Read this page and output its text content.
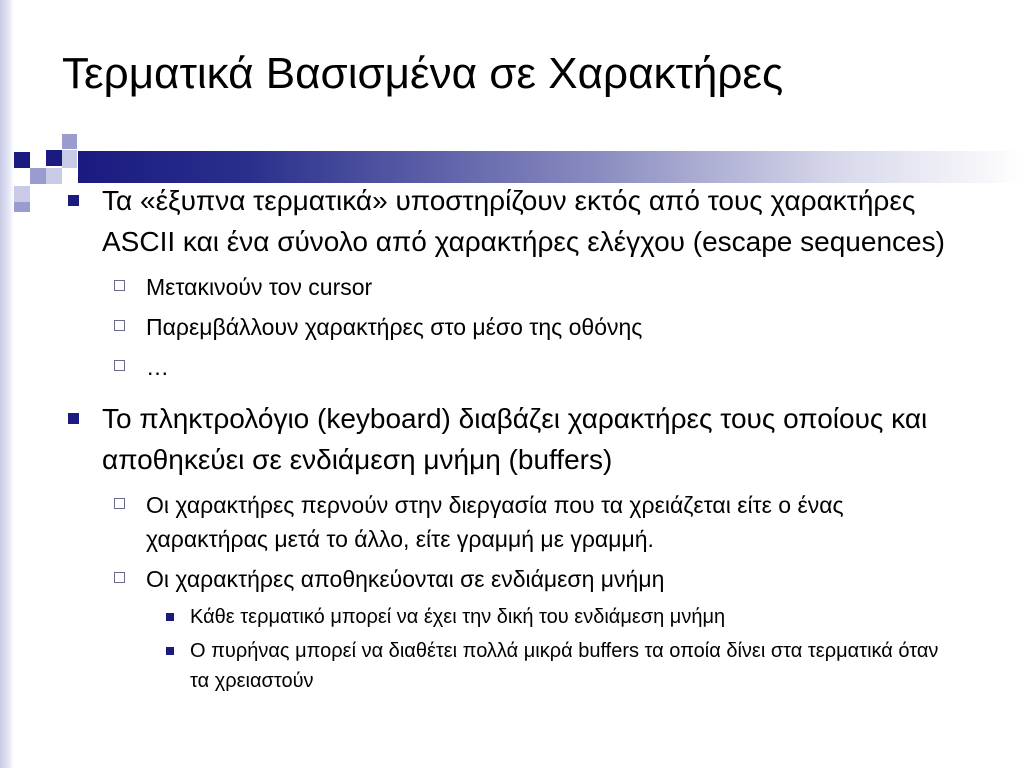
Τερματικά Βασισμένα σε Χαρακτήρες
Τα «έξυπνα τερματικά» υποστηρίζουν εκτός από τους χαρακτήρες ASCII και ένα σύνολο από χαρακτήρες ελέγχου (escape sequences)
Μετακινούν τον cursor
Παρεμβάλλουν χαρακτήρες στο μέσο της οθόνης
…
Το πληκτρολόγιο (keyboard) διαβάζει χαρακτήρες τους οποίους και αποθηκεύει σε ενδιάμεση μνήμη (buffers)
Οι χαρακτήρες περνούν στην διεργασία που τα χρειάζεται είτε ο ένας χαρακτήρας μετά το άλλο, είτε γραμμή με γραμμή.
Οι χαρακτήρες αποθηκεύονται σε ενδιάμεση μνήμη
Κάθε τερματικό μπορεί να έχει την δική του ενδιάμεση μνήμη
Ο πυρήνας μπορεί να διαθέτει πολλά μικρά buffers τα οποία δίνει στα τερματικά όταν τα χρειαστούν
